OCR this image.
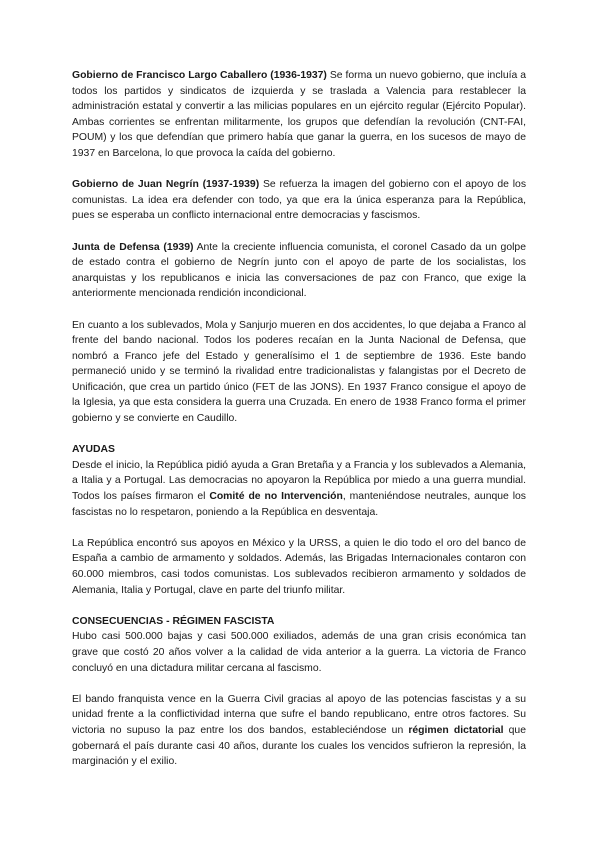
Gobierno de Francisco Largo Caballero (1936-1937) Se forma un nuevo gobierno, que incluía a todos los partidos y sindicatos de izquierda y se traslada a Valencia para restablecer la administración estatal y convertir a las milicias populares en un ejército regular (Ejército Popular). Ambas corrientes se enfrentan militarmente, los grupos que defendían la revolución (CNT-FAI, POUM) y los que defendían que primero había que ganar la guerra, en los sucesos de mayo de 1937 en Barcelona, lo que provoca la caída del gobierno.

Gobierno de Juan Negrín (1937-1939) Se refuerza la imagen del gobierno con el apoyo de los comunistas. La idea era defender con todo, ya que era la única esperanza para la República, pues se esperaba un conflicto internacional entre democracias y fascismos.

Junta de Defensa (1939) Ante la creciente influencia comunista, el coronel Casado da un golpe de estado contra el gobierno de Negrín junto con el apoyo de parte de los socialistas, los anarquistas y los republicanos e inicia las conversaciones de paz con Franco, que exige la anteriormente mencionada rendición incondicional.

En cuanto a los sublevados, Mola y Sanjurjo mueren en dos accidentes, lo que dejaba a Franco al frente del bando nacional. Todos los poderes recaían en la Junta Nacional de Defensa, que nombró a Franco jefe del Estado y generalísimo el 1 de septiembre de 1936. Este bando permaneció unido y se terminó la rivalidad entre tradicionalistas y falangistas por el Decreto de Unificación, que crea un partido único (FET de las JONS). En 1937 Franco consigue el apoyo de la Iglesia, ya que esta considera la guerra una Cruzada. En enero de 1938 Franco forma el primer gobierno y se convierte en Caudillo.

AYUDAS

Desde el inicio, la República pidió ayuda a Gran Bretaña y a Francia y los sublevados a Alemania, a Italia y a Portugal. Las democracias no apoyaron la República por miedo a una guerra mundial. Todos los países firmaron el Comité de no Intervención, manteniéndose neutrales, aunque los fascistas no lo respetaron, poniendo a la República en desventaja.

La República encontró sus apoyos en México y la URSS, a quien le dio todo el oro del banco de España a cambio de armamento y soldados. Además, las Brigadas Internacionales contaron con 60.000 miembros, casi todos comunistas. Los sublevados recibieron armamento y soldados de Alemania, Italia y Portugal, clave en parte del triunfo militar.

CONSECUENCIAS - RÉGIMEN FASCISTA

Hubo casi 500.000 bajas y casi 500.000 exiliados, además de una gran crisis económica tan grave que costó 20 años volver a la calidad de vida anterior a la guerra. La victoria de Franco concluyó en una dictadura militar cercana al fascismo.

El bando franquista vence en la Guerra Civil gracias al apoyo de las potencias fascistas y a su unidad frente a la conflictividad interna que sufre el bando republicano, entre otros factores. Su victoria no supuso la paz entre los dos bandos, estableciéndose un régimen dictatorial que gobernará el país durante casi 40 años, durante los cuales los vencidos sufrieron la represión, la marginación y el exilio.
